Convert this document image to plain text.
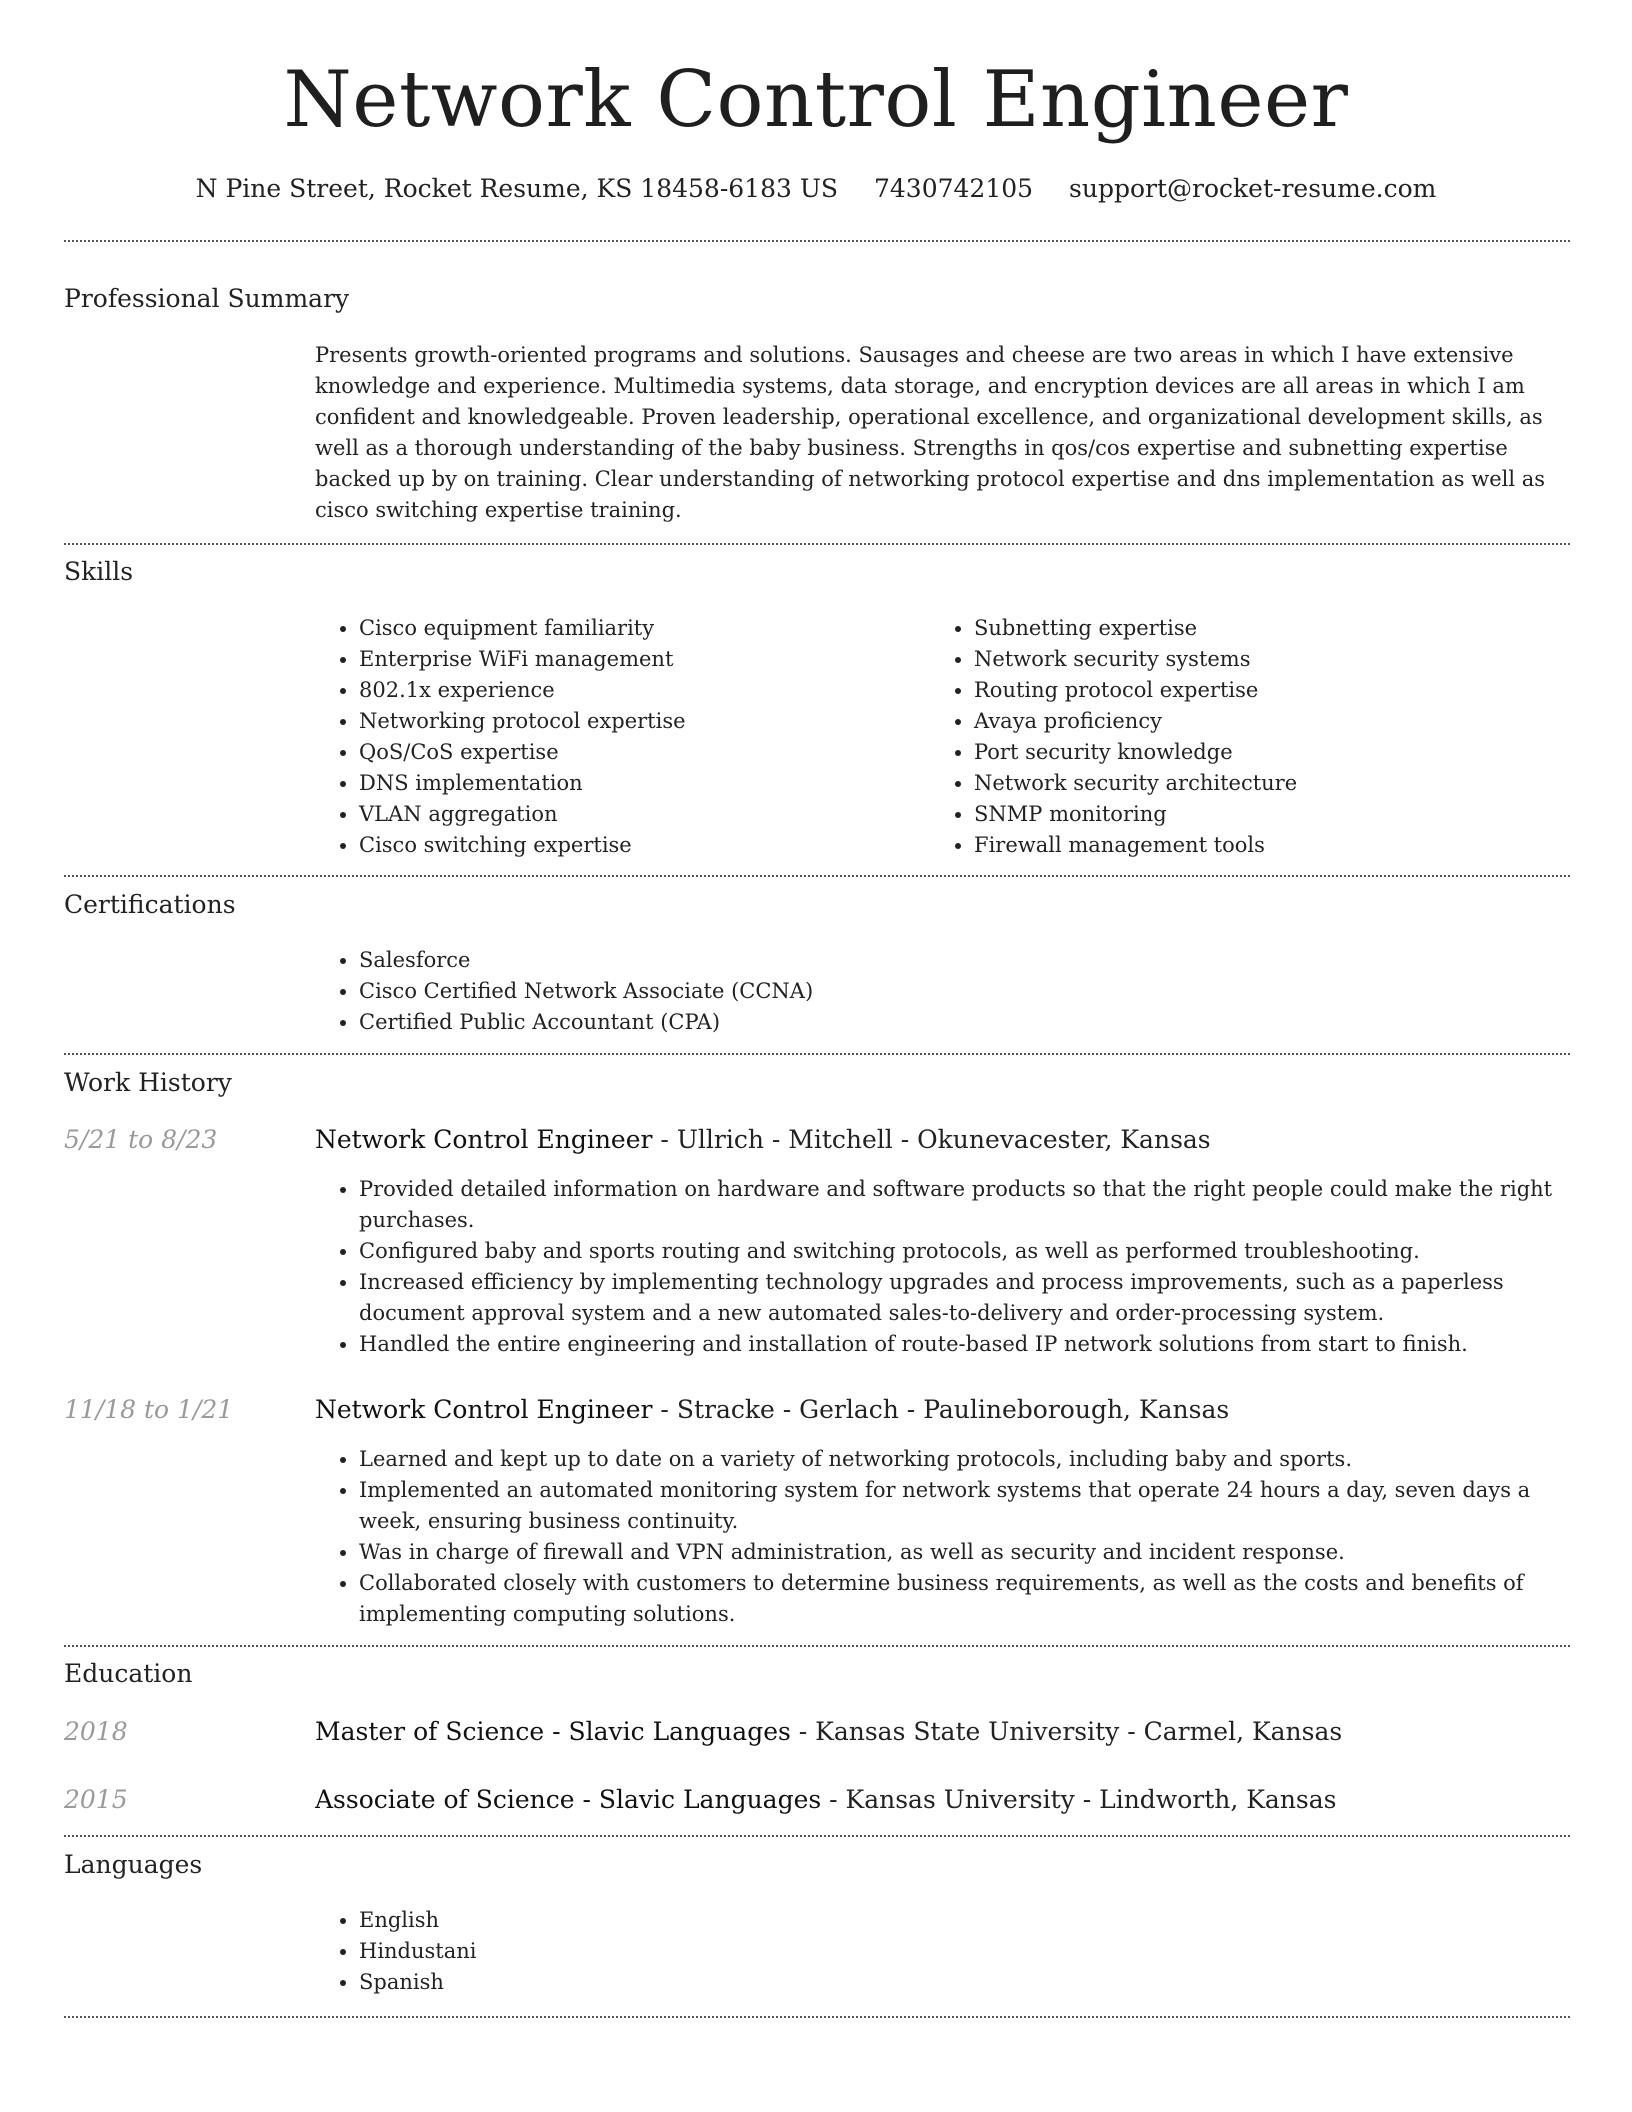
Network Control Engineer
N Pine Street, Rocket Resume, KS 18458-6183 US 7430742105 support@rocket-resume.com
Professional Summary

Presents growth-oriented programs and solutions. Sausages and cheese are two areas in which I have extensive knowledge and experience. Multimedia systems, data storage, and encryption devices are all areas in which I am confident and knowledgeable. Proven leadership, operational excellence, and organizational development skills, as well as a thorough understanding of the baby business. Strengths in qos/cos expertise and subnetting expertise backed up by on training. Clear understanding of networking protocol expertise and dns implementation as well as cisco switching expertise training.

Skills
• Cisco equipment familiarity
• Enterprise WiFi management
• 802.1x experience
• Networking protocol expertise
• QoS/CoS expertise
• DNS implementation
• VLAN aggregation
• Cisco switching expertise
• Subnetting expertise
• Network security systems
• Routing protocol expertise
• Avaya proficiency
• Port security knowledge
• Network security architecture
• SNMP monitoring
• Firewall management tools
Certifications
• Salesforce
• Cisco Certified Network Associate (CCNA)
• Certified Public Accountant (CPA)
Work History
5/21 to 8/23	Network Control Engineer - Ullrich - Mitchell - Okunevacester, Kansas
• Provided detailed information on hardware and software products so that the right people could make the right purchases.
• Configured baby and sports routing and switching protocols, as well as performed troubleshooting.
• Increased efficiency by implementing technology upgrades and process improvements, such as a paperless document approval system and a new automated sales-to-delivery and order-processing system.
• Handled the entire engineering and installation of route-based IP network solutions from start to finish.
11/18 to 1/21	Network Control Engineer - Stracke - Gerlach - Paulineborough, Kansas
• Learned and kept up to date on a variety of networking protocols, including baby and sports.
• Implemented an automated monitoring system for network systems that operate 24 hours a day, seven days a week, ensuring business continuity.
• Was in charge of firewall and VPN administration, as well as security and incident response.
• Collaborated closely with customers to determine business requirements, as well as the costs and benefits of implementing computing solutions.
Education
2018	Master of Science - Slavic Languages - Kansas State University - Carmel, Kansas
2015	Associate of Science - Slavic Languages - Kansas University - Lindworth, Kansas
Languages
• English
• Hindustani
• Spanish
